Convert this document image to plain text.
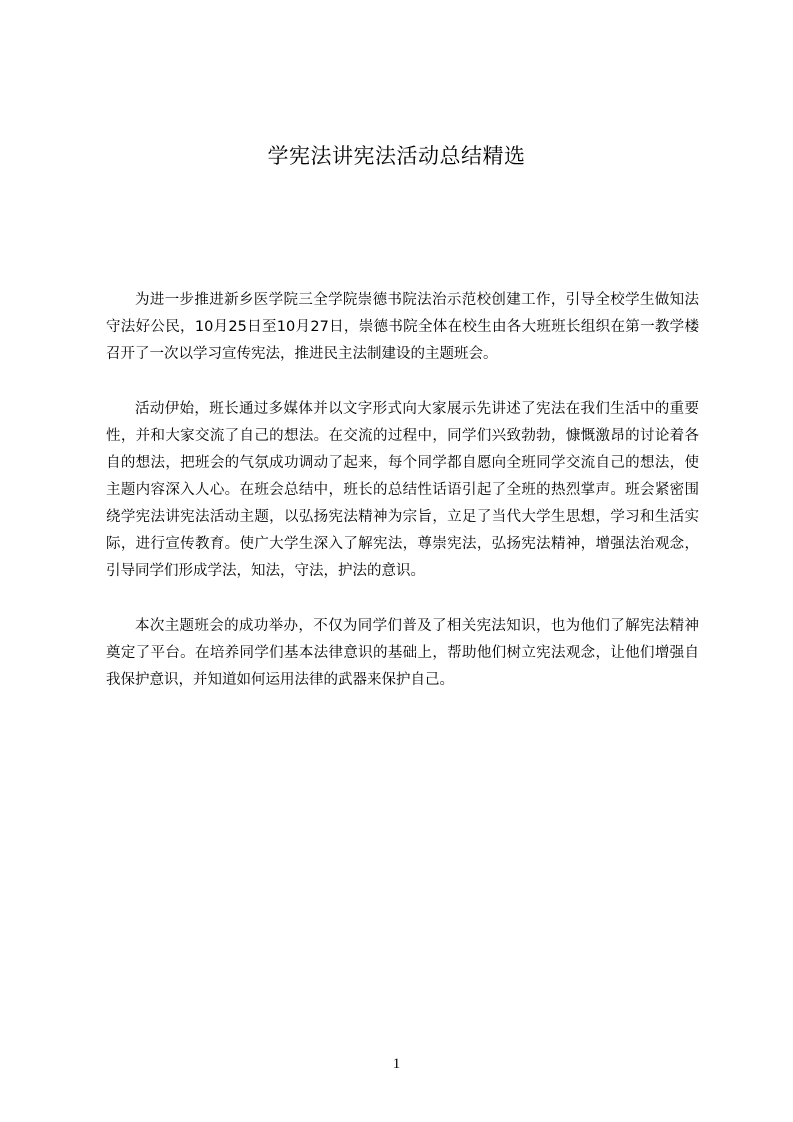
学宪法讲宪法活动总结精选

为进一步推进新乡医学院三全学院崇德书院法治示范校创建工作，引导全校学生做知法守法好公民，10月25日至10月27日，崇德书院全体在校生由各大班班长组织在第一教学楼召开了一次以学习宣传宪法，推进民主法制建设的主题班会。

活动伊始，班长通过多媒体并以文字形式向大家展示先讲述了宪法在我们生活中的重要性，并和大家交流了自己的想法。在交流的过程中，同学们兴致勃勃，慷慨激昂的讨论着各自的想法，把班会的气氛成功调动了起来，每个同学都自愿向全班同学交流自己的想法，使主题内容深入人心。在班会总结中，班长的总结性话语引起了全班的热烈掌声。班会紧密围绕学宪法讲宪法活动主题，以弘扬宪法精神为宗旨，立足了当代大学生思想，学习和生活实际，进行宣传教育。使广大学生深入了解宪法，尊崇宪法，弘扬宪法精神，增强法治观念，引导同学们形成学法，知法，守法，护法的意识。

本次主题班会的成功举办，不仅为同学们普及了相关宪法知识，也为他们了解宪法精神奠定了平台。在培养同学们基本法律意识的基础上，帮助他们树立宪法观念，让他们增强自我保护意识，并知道如何运用法律的武器来保护自己。

1
